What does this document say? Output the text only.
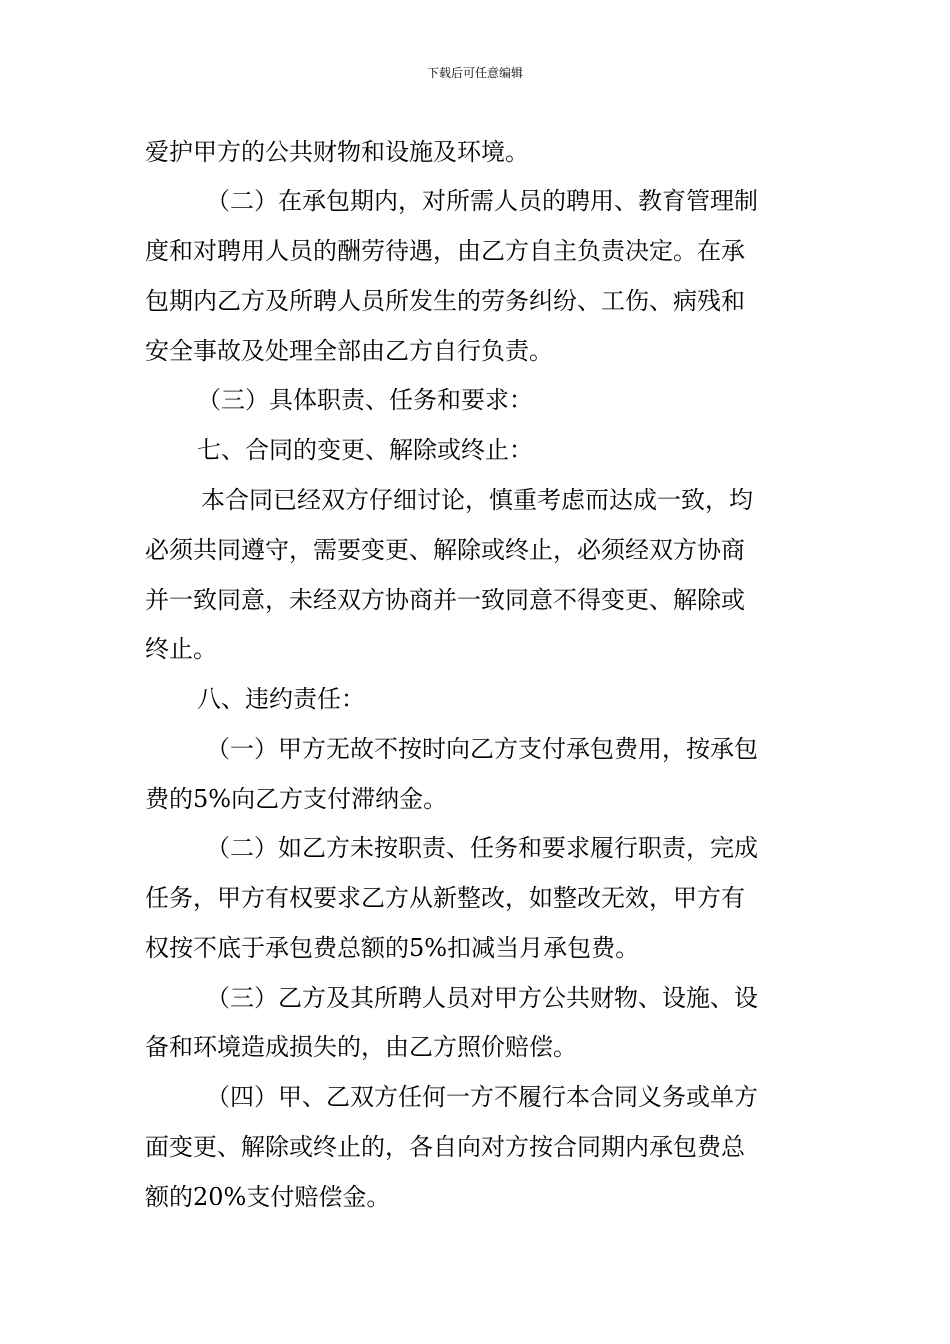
下载后可任意编辑
爱护甲方的公共财物和设施及环境。
（二）在承包期内，对所需人员的聘用、教育管理制
度和对聘用人员的酬劳待遇，由乙方自主负责决定。在承
包期内乙方及所聘人员所发生的劳务纠纷、工伤、病残和
安全事故及处理全部由乙方自行负责。
（三）具体职责、任务和要求：
七、合同的变更、解除或终止：
本合同已经双方仔细讨论，慎重考虑而达成一致，均
必须共同遵守，需要变更、解除或终止，必须经双方协商
并一致同意，未经双方协商并一致同意不得变更、解除或
终止。
八、违约责任：
（一）甲方无故不按时向乙方支付承包费用，按承包
费的5%向乙方支付滞纳金。
（二）如乙方未按职责、任务和要求履行职责，完成
任务，甲方有权要求乙方从新整改，如整改无效，甲方有
权按不底于承包费总额的5%扣减当月承包费。
（三）乙方及其所聘人员对甲方公共财物、设施、设
备和环境造成损失的，由乙方照价赔偿。
（四）甲、乙双方任何一方不履行本合同义务或单方
面变更、解除或终止的，各自向对方按合同期内承包费总
额的20%支付赔偿金。
